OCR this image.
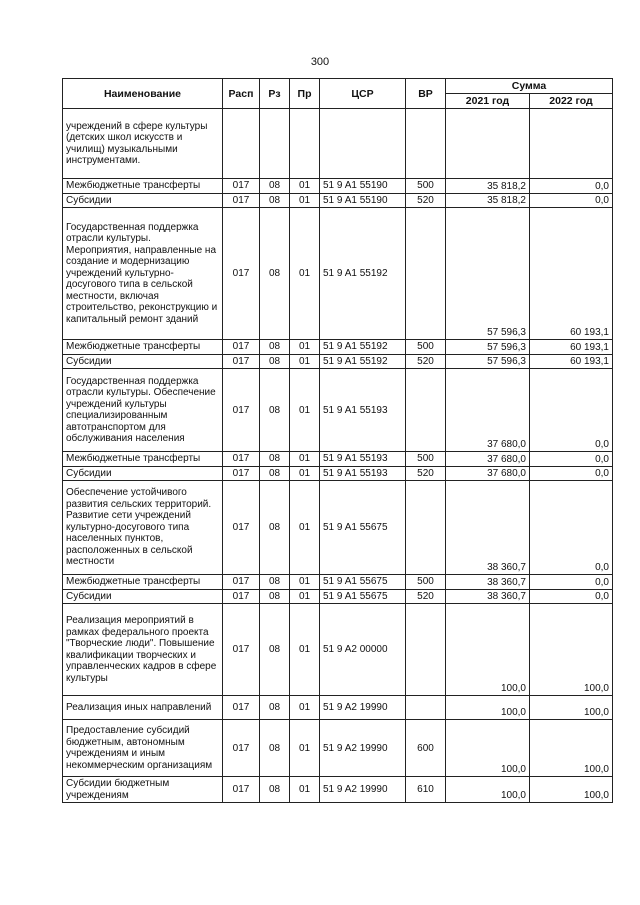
300
Наименование	Расп	Рз	Пр	ЦСР	ВР	Сумма	
						2021 год	2022 год
учреждений в сфере культуры (детских школ искусств и училищ) музыкальными инструментами.							
Межбюджетные трансферты	017	08	01	51 9 A1 55190	500	35 818,2	0,0
Субсидии	017	08	01	51 9 A1 55190	520	35 818,2	0,0
Государственная поддержка отрасли культуры. Мероприятия, направленные на создание и модернизацию учреждений культурно-досугового типа в сельской местности, включая строительство, реконструкцию и капитальный ремонт зданий	017	08	01	51 9 A1 55192		57 596,3	60 193,1
Межбюджетные трансферты	017	08	01	51 9 A1 55192	500	57 596,3	60 193,1
Субсидии	017	08	01	51 9 A1 55192	520	57 596,3	60 193,1
Государственная поддержка отрасли культуры. Обеспечение учреждений культуры специализированным автотранспортом для обслуживания населения	017	08	01	51 9 A1 55193		37 680,0	0,0
Межбюджетные трансферты	017	08	01	51 9 A1 55193	500	37 680,0	0,0
Субсидии	017	08	01	51 9 A1 55193	520	37 680,0	0,0
Обеспечение устойчивого развития сельских территорий. Развитие сети учреждений культурно-досугового типа населенных пунктов, расположенных в сельской местности	017	08	01	51 9 A1 55675		38 360,7	0,0
Межбюджетные трансферты	017	08	01	51 9 A1 55675	500	38 360,7	0,0
Субсидии	017	08	01	51 9 A1 55675	520	38 360,7	0,0
Реализация мероприятий в рамках федерального проекта "Творческие люди". Повышение квалификации творческих и управленческих кадров в сфере культуры	017	08	01	51 9 A2 00000		100,0	100,0
Реализация иных направлений	017	08	01	51 9 A2 19990		100,0	100,0
Предоставление субсидий бюджетным, автономным учреждениям и иным некоммерческим организациям	017	08	01	51 9 A2 19990	600	100,0	100,0
Субсидии бюджетным учреждениям	017	08	01	51 9 A2 19990	610	100,0	100,0
